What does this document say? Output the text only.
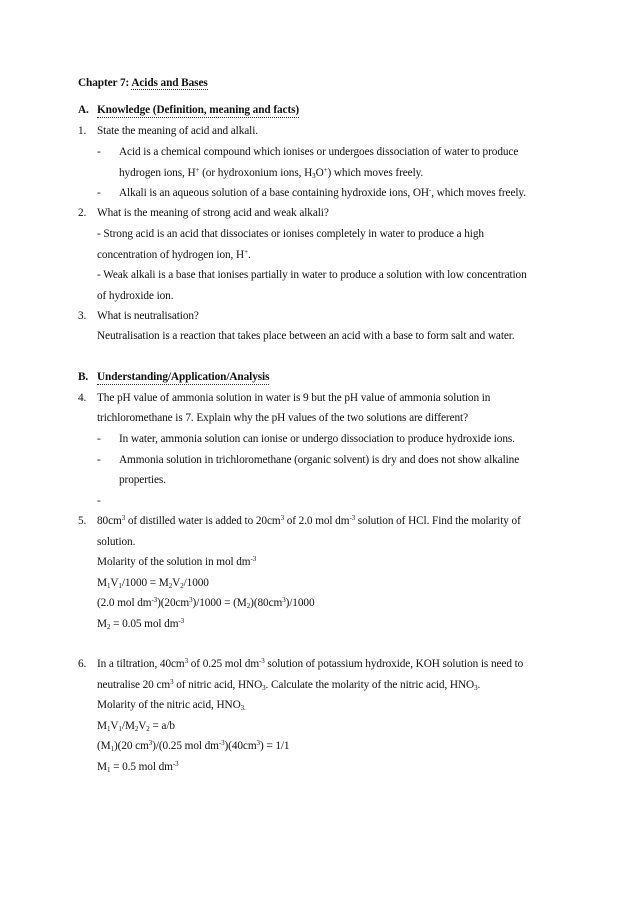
Chapter 7: Acids and Bases
A. Knowledge (Definition, meaning and facts)
1. State the meaning of acid and alkali.
- Acid is a chemical compound which ionises or undergoes dissociation of water to produce
hydrogen ions, H+ (or hydroxonium ions, $H_3O^+$) which moves freely.
- Alkali is an aqueous solution of a base containing hydroxide ions, OH-, which moves freely.
2. What is the meaning of strong acid and weak alkali?
- Strong acid is an acid that dissociates or ionises completely in water to produce a high
concentration of hydrogen ion, H+.
- Weak alkali is a base that ionises partially in water to produce a solution with low concentration
of hydroxide ion.
3. What is neutralisation?
Neutralisation is a reaction that takes place between an acid with a base to form salt and water.
B. Understanding/Application/Analysis
4. The pH value of ammonia solution in water is 9 but the pH value of ammonia solution in
trichloromethane is 7. Explain why the pH values of the two solutions are different?
- In water, ammonia solution can ionise or undergo dissociation to produce hydroxide ions.
- Ammonia solution in trichloromethane (organic solvent) is dry and does not show alkaline
properties.
-
5. $80cm^3$ of distilled water is added to $20cm^3$ of 2.0 mol $dm^{-3}$ solution of HCl. Find the molarity of
solution.
Molarity of the solution in mol $dm^{-3}$
$M_1V_1/1000 = M_2V_2/1000$
(2.0 mol $dm^{-3})(20cm^3)/1000 = (M_2)(80cm^3)/1000$
$M_2 = 0.05$ mol $dm^{-3}$
6. In a tiltration, $40cm^3$ of 0.25 mol $dm^{-3}$ solution of potassium hydroxide, KOH solution is need to
neutralise 20 $cm^3$ of nitric acid, $HNO_3$. Calculate the molarity of the nitric acid, $HNO_3$.
Molarity of the nitric acid, $HNO_{3.}$
$M_1V_1/M_2V_2 = a/b$
$(M_1)(20$ $cm^3)/(0.25$ mol $dm^{-3})(40cm^3) = 1/1$
$M_1 = 0.5$ mol $dm^{-3}$
